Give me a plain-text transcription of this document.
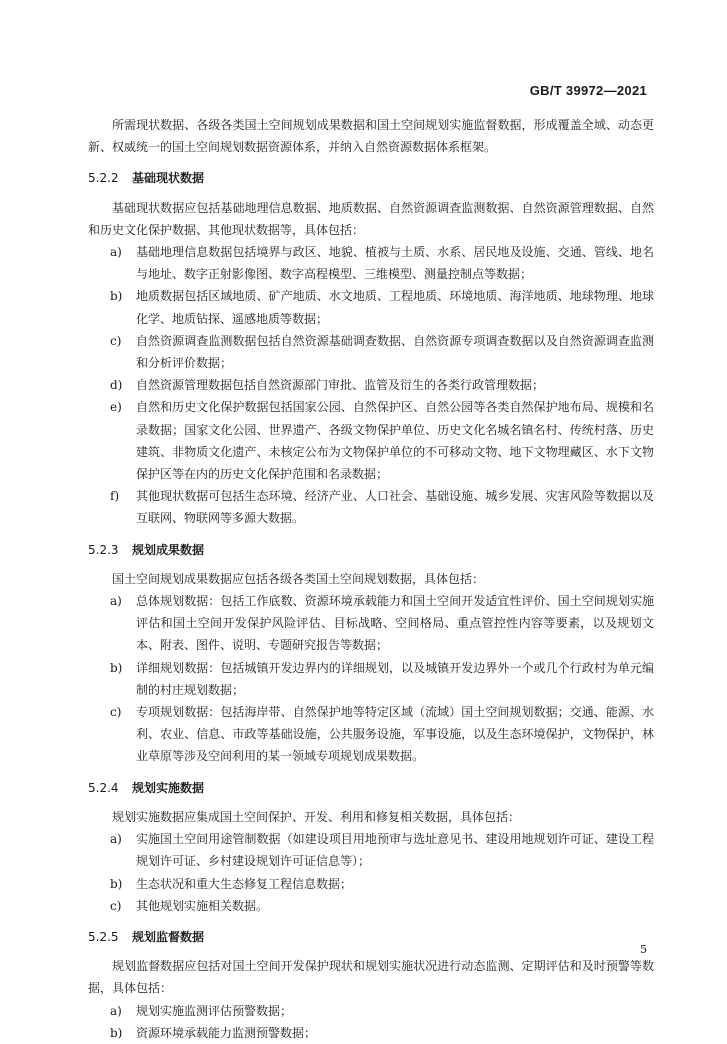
GB/T 39972—2021

所需现状数据、各级各类国土空间规划成果数据和国土空间规划实施监督数据，形成覆盖全域、动态更新、权威统一的国土空间规划数据资源体系，并纳入自然资源数据体系框架。

5.2.2 基础现状数据

基础现状数据应包括基础地理信息数据、地质数据、自然资源调查监测数据、自然资源管理数据、自然和历史文化保护数据、其他现状数据等，具体包括：

a) 基础地理信息数据包括境界与政区、地貌、植被与土质、水系、居民地及设施、交通、管线、地名与地址、数字正射影像图、数字高程模型、三维模型、测量控制点等数据；

b) 地质数据包括区域地质、矿产地质、水文地质、工程地质、环境地质、海洋地质、地球物理、地球化学、地质钻探、遥感地质等数据；

c) 自然资源调查监测数据包括自然资源基础调查数据、自然资源专项调查数据以及自然资源调查监测和分析评价数据；

d) 自然资源管理数据包括自然资源部门审批、监管及衍生的各类行政管理数据；

e) 自然和历史文化保护数据包括国家公园、自然保护区、自然公园等各类自然保护地布局、规模和名录数据；国家文化公园、世界遗产、各级文物保护单位、历史文化名城名镇名村、传统村落、历史建筑、非物质文化遗产、未核定公布为文物保护单位的不可移动文物、地下文物埋藏区、水下文物保护区等在内的历史文化保护范围和名录数据；

f) 其他现状数据可包括生态环境、经济产业、人口社会、基础设施、城乡发展、灾害风险等数据以及互联网、物联网等多源大数据。

5.2.3 规划成果数据

国土空间规划成果数据应包括各级各类国土空间规划数据，具体包括：

a) 总体规划数据：包括工作底数、资源环境承载能力和国土空间开发适宜性评价、国土空间规划实施评估和国土空间开发保护风险评估、目标战略、空间格局、重点管控性内容等要素，以及规划文本、附表、图件、说明、专题研究报告等数据；

b) 详细规划数据：包括城镇开发边界内的详细规划，以及城镇开发边界外一个或几个行政村为单元编制的村庄规划数据；

c) 专项规划数据：包括海岸带、自然保护地等特定区域（流域）国土空间规划数据；交通、能源、水利、农业、信息、市政等基础设施，公共服务设施，军事设施，以及生态环境保护，文物保护，林业草原等涉及空间利用的某一领域专项规划成果数据。

5.2.4 规划实施数据

规划实施数据应集成国土空间保护、开发、利用和修复相关数据，具体包括：

a) 实施国土空间用途管制数据（如建设项目用地预审与选址意见书、建设用地规划许可证、建设工程规划许可证、乡村建设规划许可证信息等）；

b) 生态状况和重大生态修复工程信息数据；

c) 其他规划实施相关数据。

5.2.5 规划监督数据

规划监督数据应包括对国土空间开发保护现状和规划实施状况进行动态监测、定期评估和及时预警等数据，具体包括：

a) 规划实施监测评估预警数据；

b) 资源环境承载能力监测预警数据；

5
